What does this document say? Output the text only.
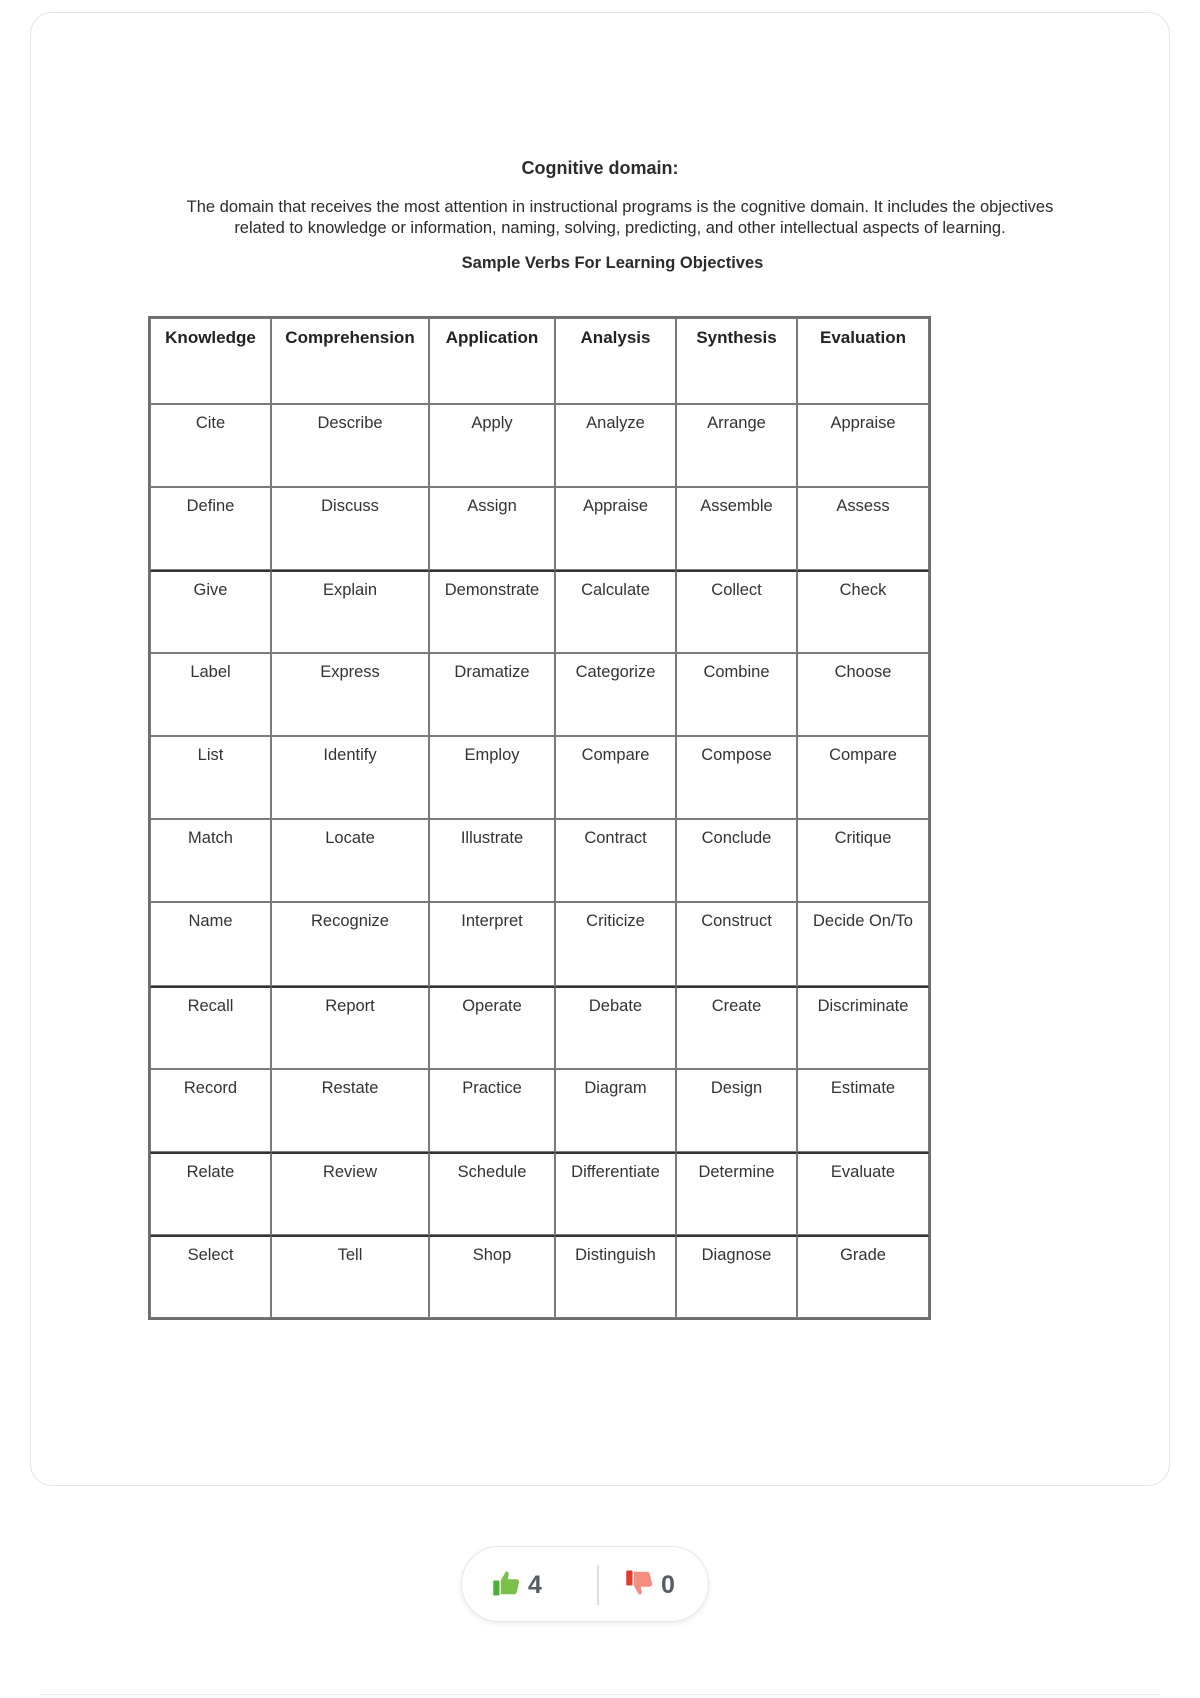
Cognitive domain:
The domain that receives the most attention in instructional programs is the cognitive domain. It includes the objectives related to knowledge or information, naming, solving, predicting, and other intellectual aspects of learning.
Sample Verbs For Learning Objectives
Knowledge	Comprehension	Application	Analysis	Synthesis	Evaluation
Cite	Describe	Apply	Analyze	Arrange	Appraise
Define	Discuss	Assign	Appraise	Assemble	Assess
Give	Explain	Demonstrate	Calculate	Collect	Check
Label	Express	Dramatize	Categorize	Combine	Choose
List	Identify	Employ	Compare	Compose	Compare
Match	Locate	Illustrate	Contract	Conclude	Critique
Name	Recognize	Interpret	Criticize	Construct	Decide On/To
Recall	Report	Operate	Debate	Create	Discriminate
Record	Restate	Practice	Diagram	Design	Estimate
Relate	Review	Schedule	Differentiate	Determine	Evaluate
Select	Tell	Shop	Distinguish	Diagnose	Grade
4	0
